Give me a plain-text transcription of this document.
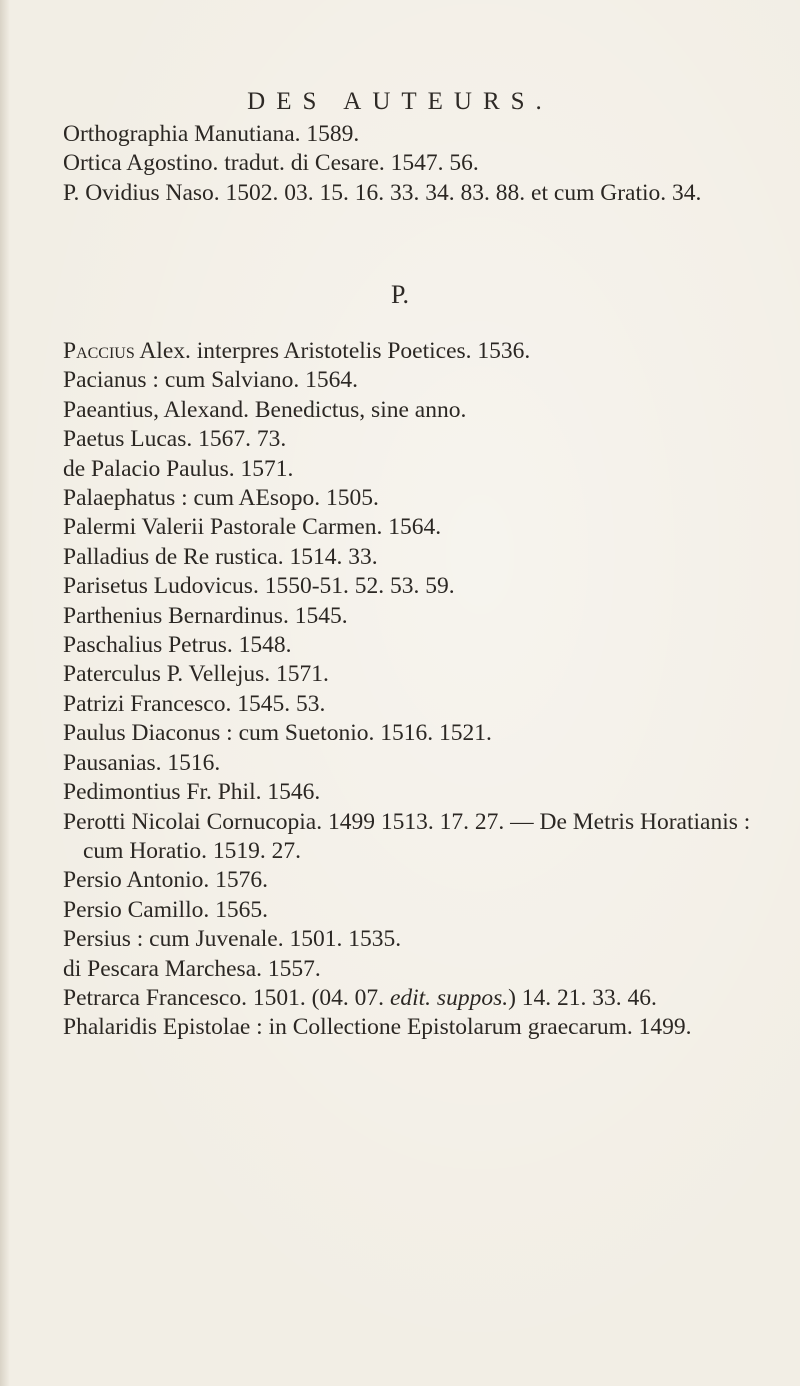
DES AUTEURS.
Orthographia Manutiana. 1589.
Ortica Agostino. tradut. di Cesare. 1547. 56.
P. Ovidius Naso. 1502. 03. 15. 16. 33. 34. 83. 88. et cum Gratio. 34.
P.
Paccius Alex. interpres Aristotelis Poetices. 1536.
Pacianus : cum Salviano. 1564.
Paeantius, Alexand. Benedictus, sine anno.
Paetus Lucas. 1567. 73.
de Palacio Paulus. 1571.
Palaephatus : cum AEsopo. 1505.
Palermi Valerii Pastorale Carmen. 1564.
Palladius de Re rustica. 1514. 33.
Parisetus Ludovicus. 1550-51. 52. 53. 59.
Parthenius Bernardinus. 1545.
Paschalius Petrus. 1548.
Paterculus P. Vellejus. 1571.
Patrizi Francesco. 1545. 53.
Paulus Diaconus : cum Suetonio. 1516. 1521.
Pausanias. 1516.
Pedimontius Fr. Phil. 1546.
Perotti Nicolai Cornucopia. 1499 1513. 17. 27. — De Metris Horatianis : cum Horatio. 1519. 27.
Persio Antonio. 1576.
Persio Camillo. 1565.
Persius : cum Juvenale. 1501. 1535.
di Pescara Marchesa. 1557.
Petrarca Francesco. 1501. (04. 07. edit. suppos.) 14. 21. 33. 46.
Phalaridis Epistolae : in Collectione Epistolarum graecarum. 1499.
